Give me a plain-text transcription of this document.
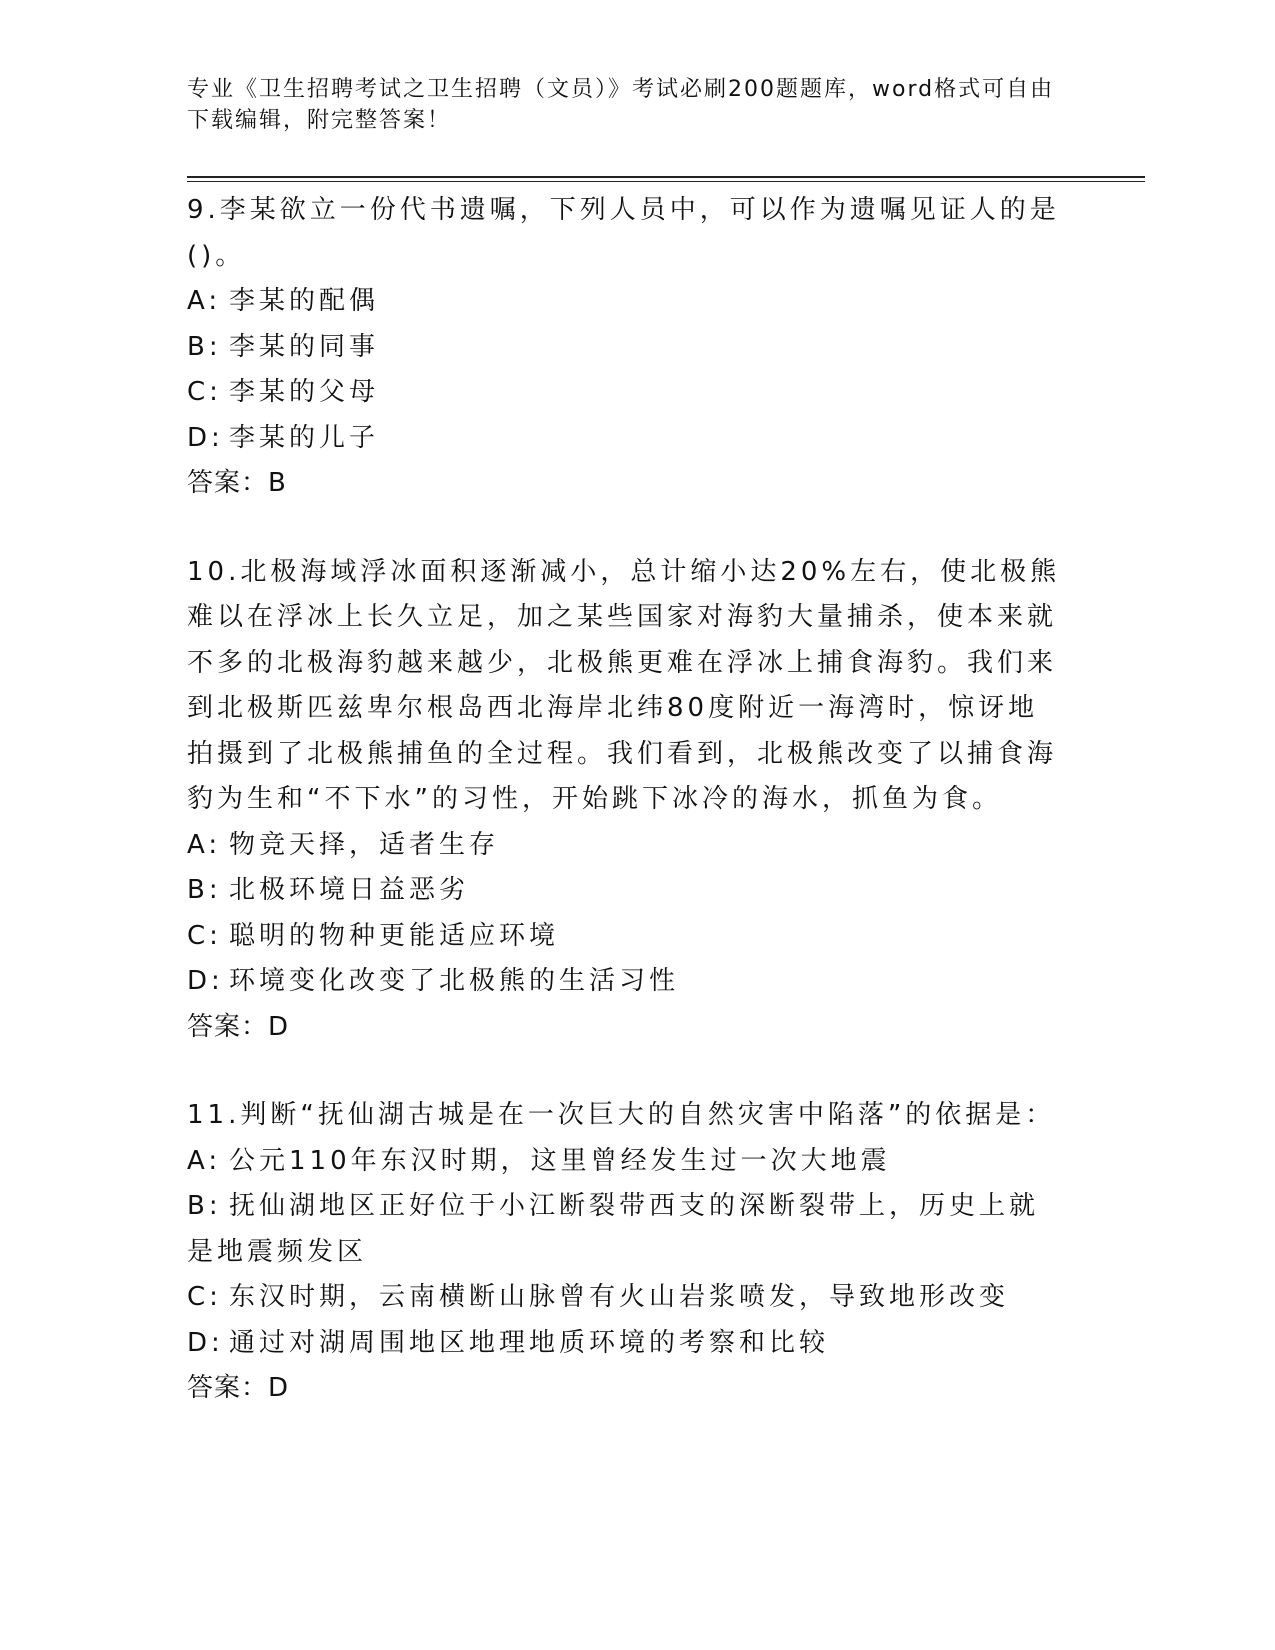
专业《卫生招聘考试之卫生招聘（文员）》考试必刷200题题库，word格式可自由下载编辑，附完整答案！

9.李某欲立一份代书遗嘱，下列人员中，可以作为遗嘱见证人的是()。

A: 李某的配偶

B: 李某的同事

C: 李某的父母

D: 李某的儿子

答案：B

10.北极海域浮冰面积逐渐减小，总计缩小达20%左右，使北极熊难以在浮冰上长久立足，加之某些国家对海豹大量捕杀，使本来就不多的北极海豹越来越少，北极熊更难在浮冰上捕食海豹。我们来到北极斯匹兹卑尔根岛西北海岸北纬80度附近一海湾时，惊讶地拍摄到了北极熊捕鱼的全过程。我们看到，北极熊改变了以捕食海豹为生和“不下水”的习性，开始跳下冰冷的海水，抓鱼为食。

A: 物竞天择，适者生存

B: 北极环境日益恶劣

C: 聪明的物种更能适应环境

D: 环境变化改变了北极熊的生活习性

答案：D

11.判断“抚仙湖古城是在一次巨大的自然灾害中陷落”的依据是：

A: 公元110年东汉时期，这里曾经发生过一次大地震

B: 抚仙湖地区正好位于小江断裂带西支的深断裂带上，历史上就是地震频发区

C: 东汉时期，云南横断山脉曾有火山岩浆喷发，导致地形改变

D: 通过对湖周围地区地理地质环境的考察和比较

答案：D
